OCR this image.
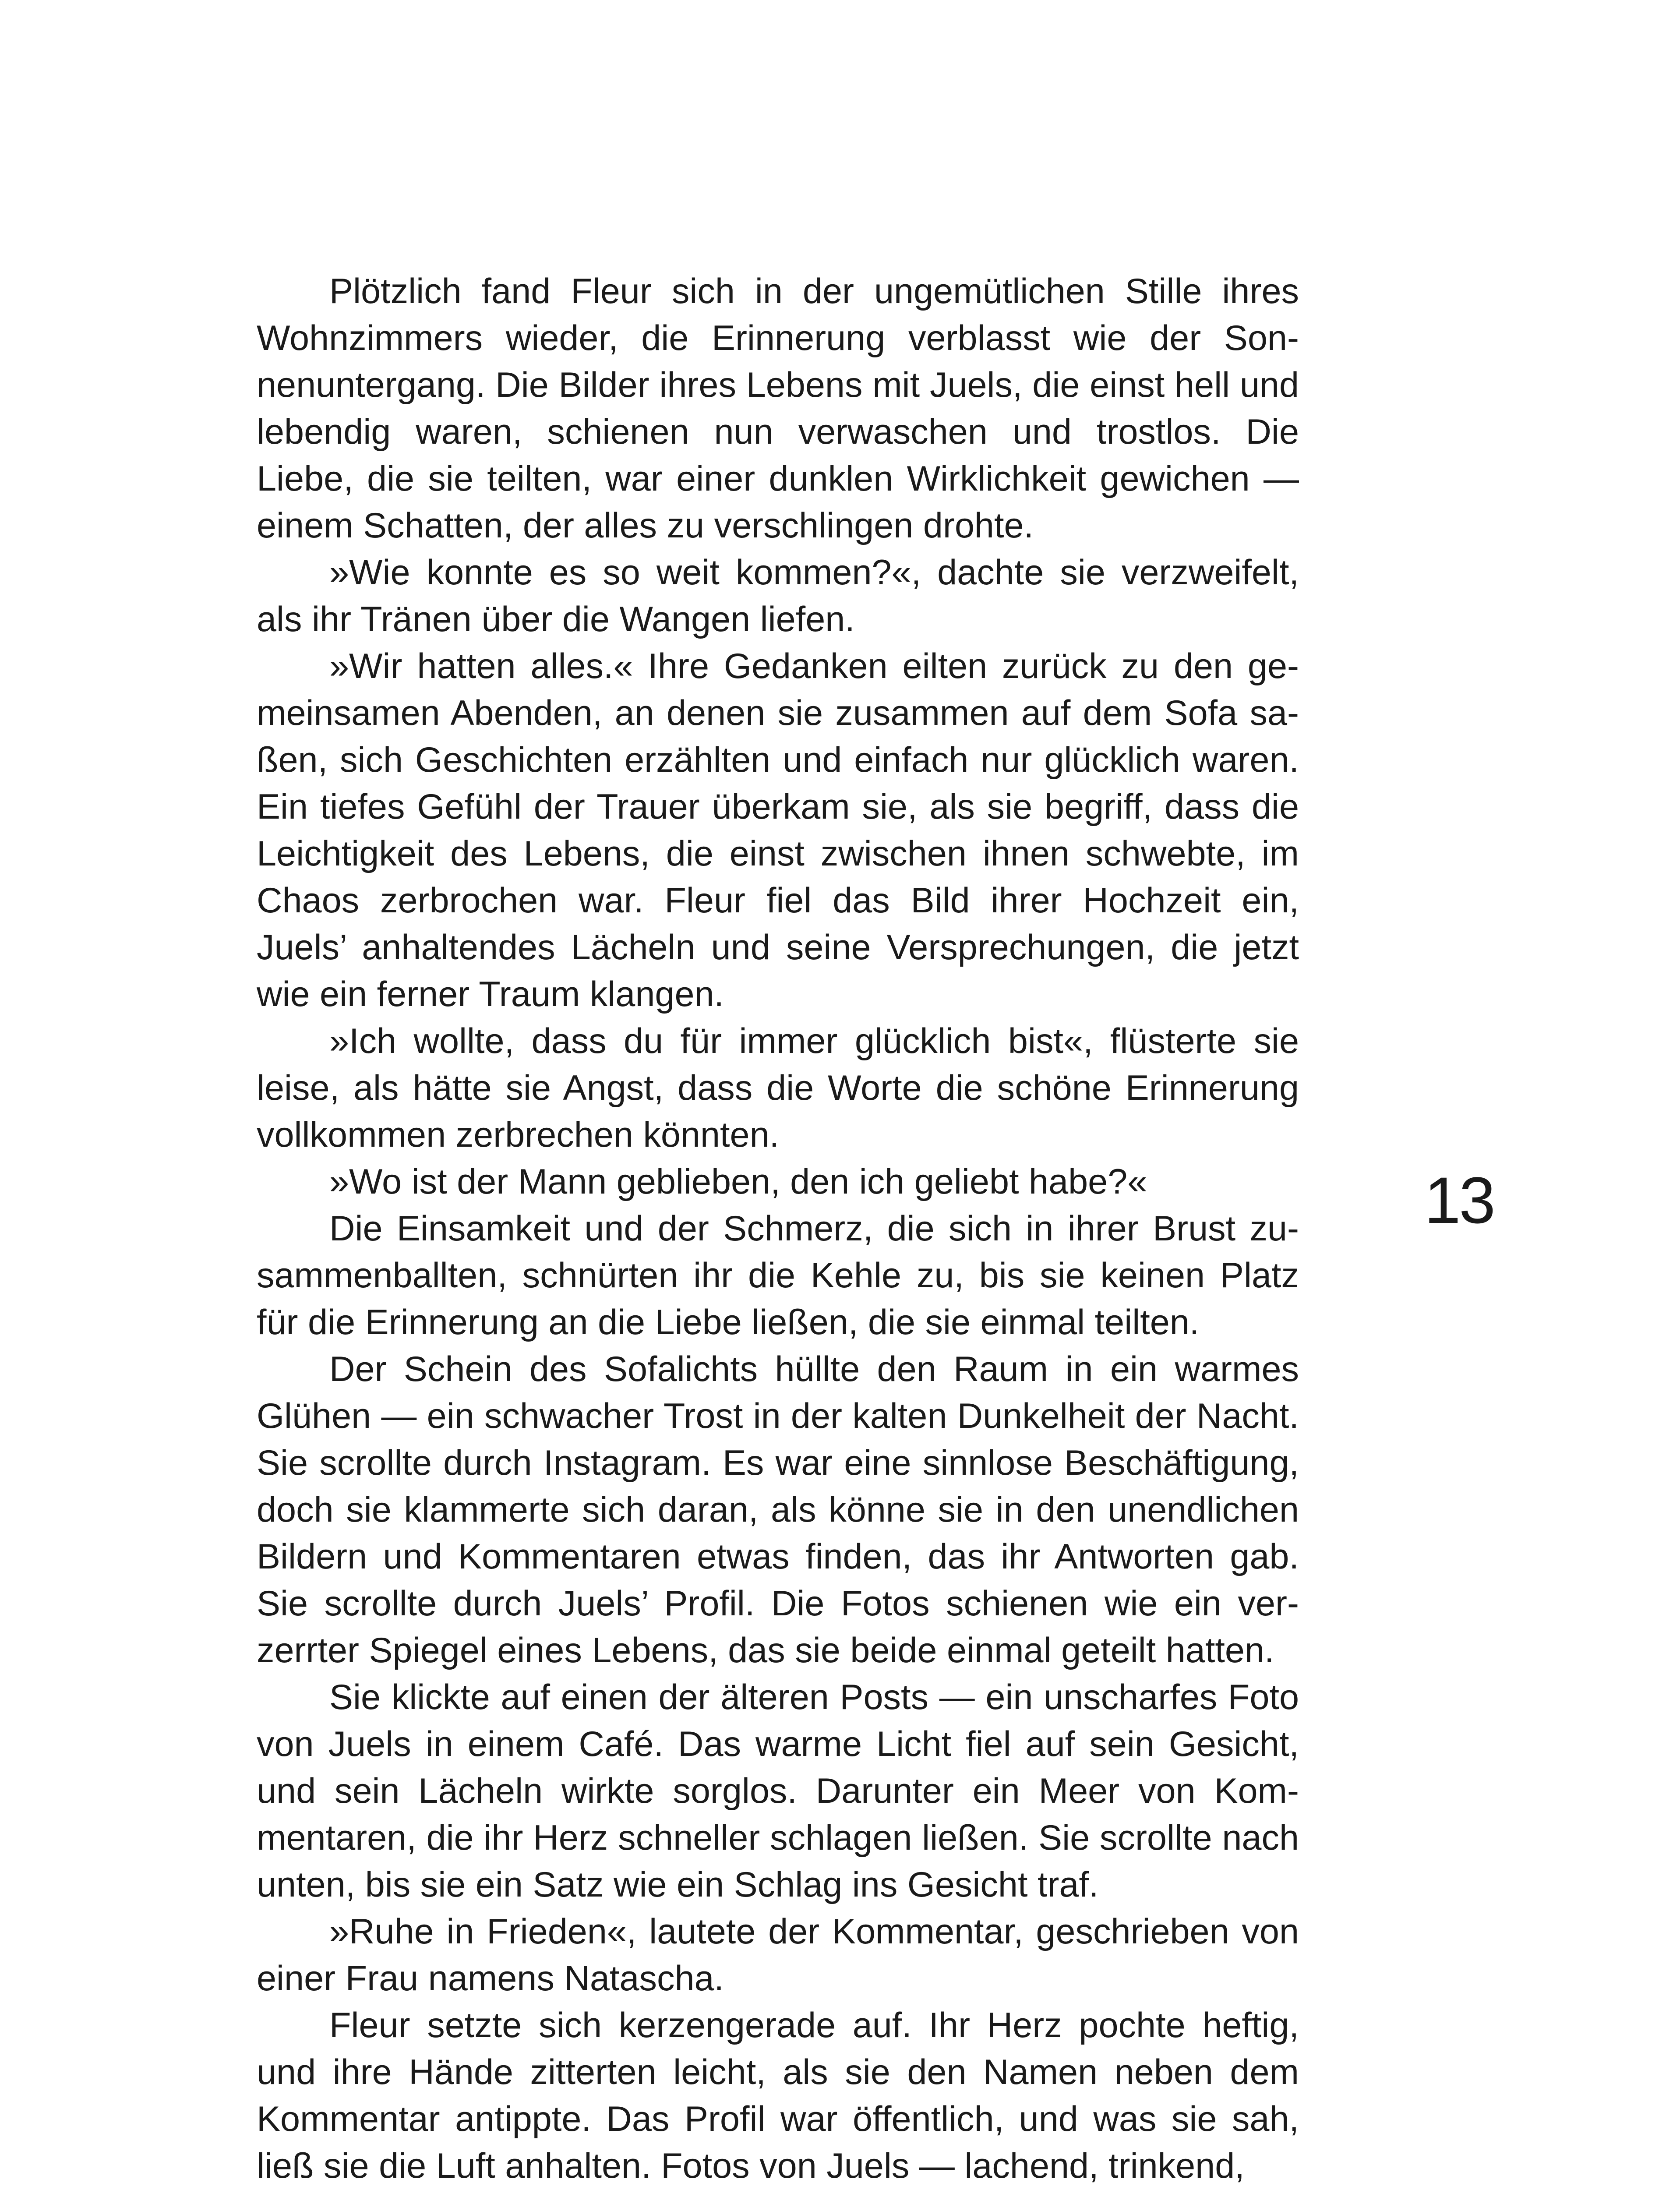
Plötzlich fand Fleur sich in der ungemütlichen Stille ihres Wohnzimmers wieder, die Erinnerung verblasst wie der Sonnenuntergang. Die Bilder ihres Lebens mit Juels, die einst hell und lebendig waren, schienen nun verwaschen und trostlos. Die Liebe, die sie teilten, war einer dunklen Wirklichkeit gewichen — einem Schatten, der alles zu verschlingen drohte.

»Wie konnte es so weit kommen?«, dachte sie verzweifelt, als ihr Tränen über die Wangen liefen.

»Wir hatten alles.« Ihre Gedanken eilten zurück zu den gemeinsamen Abenden, an denen sie zusammen auf dem Sofa saßen, sich Geschichten erzählten und einfach nur glücklich waren. Ein tiefes Gefühl der Trauer überkam sie, als sie begriff, dass die Leichtigkeit des Lebens, die einst zwischen ihnen schwebte, im Chaos zerbrochen war. Fleur fiel das Bild ihrer Hochzeit ein, Juels’ anhaltendes Lächeln und seine Versprechungen, die jetzt wie ein ferner Traum klangen.

»Ich wollte, dass du für immer glücklich bist«, flüsterte sie leise, als hätte sie Angst, dass die Worte die schöne Erinnerung vollkommen zerbrechen könnten.

»Wo ist der Mann geblieben, den ich geliebt habe?«

Die Einsamkeit und der Schmerz, die sich in ihrer Brust zusammenballten, schnürten ihr die Kehle zu, bis sie keinen Platz für die Erinnerung an die Liebe ließen, die sie einmal teilten.

Der Schein des Sofalichts hüllte den Raum in ein warmes Glühen — ein schwacher Trost in der kalten Dunkelheit der Nacht. Sie scrollte durch Instagram. Es war eine sinnlose Beschäftigung, doch sie klammerte sich daran, als könne sie in den unendlichen Bildern und Kommentaren etwas finden, das ihr Antworten gab. Sie scrollte durch Juels’ Profil. Die Fotos schienen wie ein verzerrter Spiegel eines Lebens, das sie beide einmal geteilt hatten.

Sie klickte auf einen der älteren Posts — ein unscharfes Foto von Juels in einem Café. Das warme Licht fiel auf sein Gesicht, und sein Lächeln wirkte sorglos. Darunter ein Meer von Kommentaren, die ihr Herz schneller schlagen ließen. Sie scrollte nach unten, bis sie ein Satz wie ein Schlag ins Gesicht traf.

»Ruhe in Frieden«, lautete der Kommentar, geschrieben von einer Frau namens Natascha.

Fleur setzte sich kerzengerade auf. Ihr Herz pochte heftig, und ihre Hände zitterten leicht, als sie den Namen neben dem Kommentar antippte. Das Profil war öffentlich, und was sie sah, ließ sie die Luft anhalten. Fotos von Juels — lachend, trinkend,

13
